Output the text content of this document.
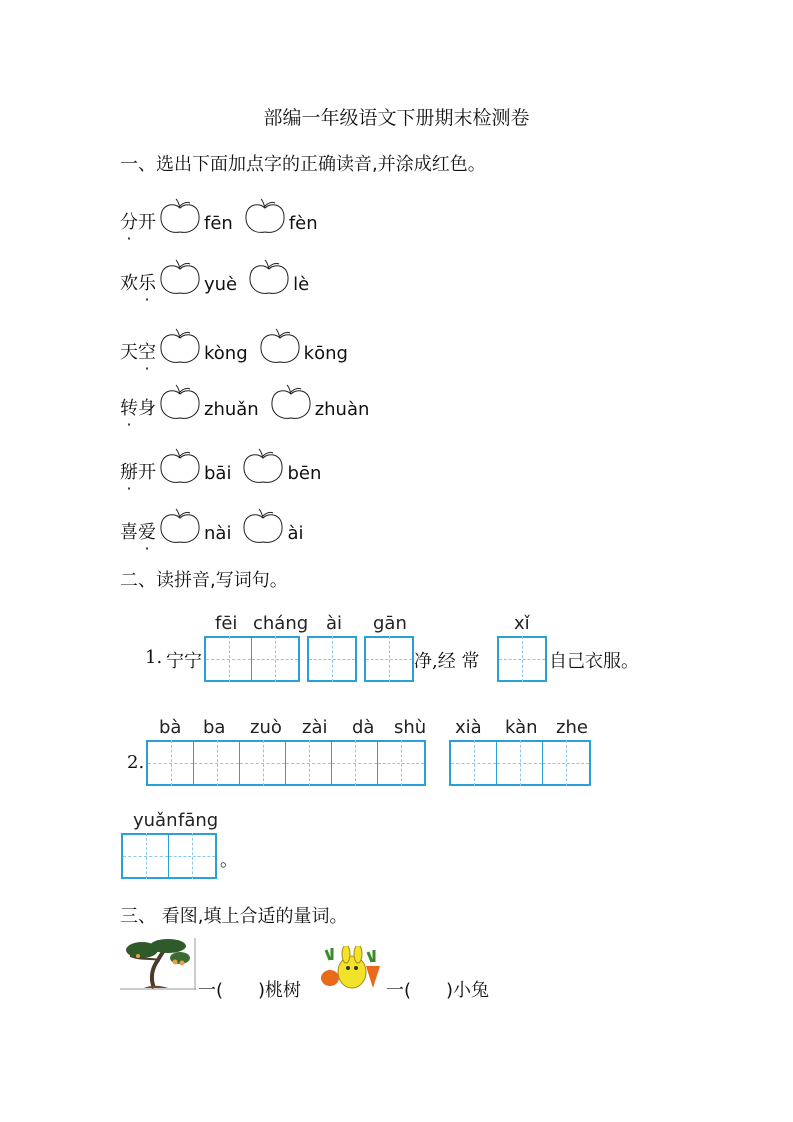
部编一年级语文下册期末检测卷
一、选出下面加点字的正确读音,并涂成红色。
分开	fēn	fèn
欢乐	yuè	lè
天空	kòng	kōng
转身	zhuǎn	zhuàn
掰开	bāi	bēn
喜爱	nài	ài
二、读拼音,写词句。
fēi cháng ài gān	xǐ
1. 宁宁	净,经 常	自己衣服。
bà ba zuò zài dà shù xià kàn zhe
2.
yuǎn fāng
。
三、 看图,填上合适的量词。
一( )桃树	一( )小兔
